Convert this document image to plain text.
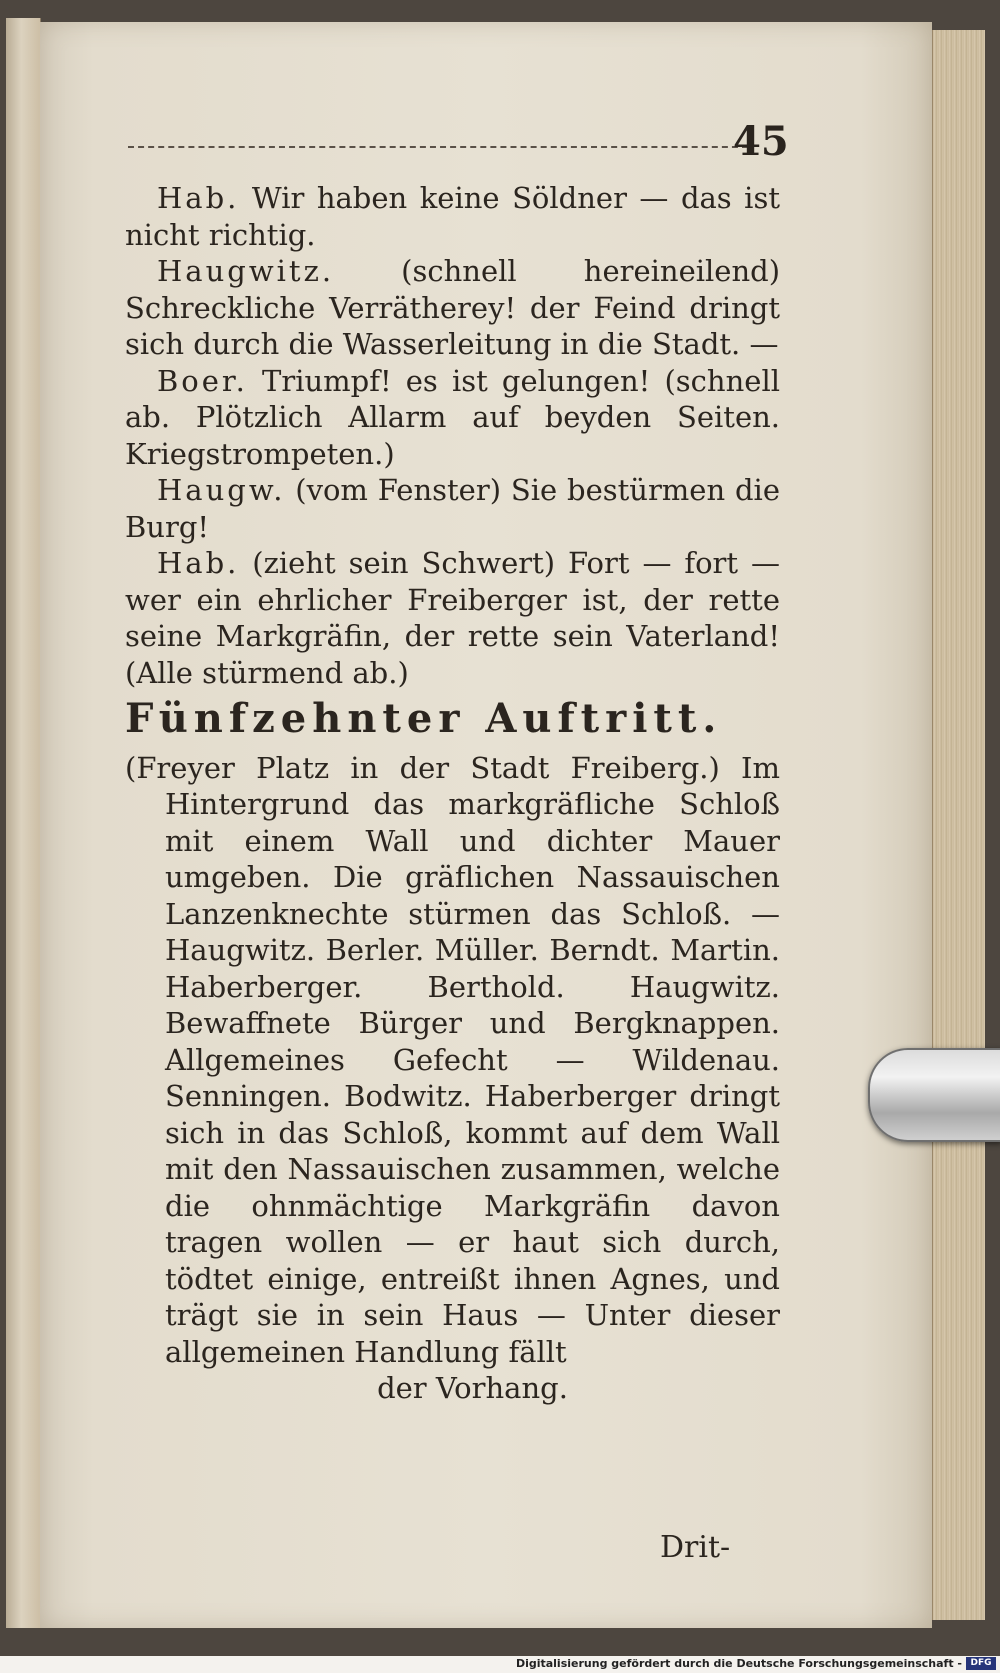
45

Hab. Wir haben keine Söldner — das ist nicht richtig.

Haugwitz. (schnell hereineilend) Schreckliche Verrätherey! der Feind dringt sich durch die Wasserleitung in die Stadt. —

Boer. Triumpf! es ist gelungen! (schnell ab. Plötzlich Allarm auf beyden Seiten. Kriegstrompeten.)

Haugw. (vom Fenster) Sie bestürmen die Burg!

Hab. (zieht sein Schwert) Fort — fort — wer ein ehrlicher Freiberger ist, der rette seine Markgräfin, der rette sein Vaterland! (Alle stürmend ab.)

Fünfzehnter Auftritt.

(Freyer Platz in der Stadt Freiberg.) Im Hintergrund das markgräfliche Schloß mit einem Wall und dichter Mauer umgeben. Die gräflichen Nassauischen Lanzenknechte stürmen das Schloß. — Haugwitz. Berler. Müller. Berndt. Martin. Haberberger. Berthold. Haugwitz. Bewaffnete Bürger und Bergknappen. Allgemeines Gefecht — Wildenau. Senningen. Bodwitz. Haberberger dringt sich in das Schloß, kommt auf dem Wall mit den Nassauischen zusammen, welche die ohnmächtige Markgräfin davon tragen wollen — er haut sich durch, tödtet einige, entreißt ihnen Agnes, und trägt sie in sein Haus — Unter dieser allgemeinen Handlung fällt

der Vorhang.

Drit-
Digitalisierung gefördert durch die Deutsche Forschungsgemeinschaft - DFG
